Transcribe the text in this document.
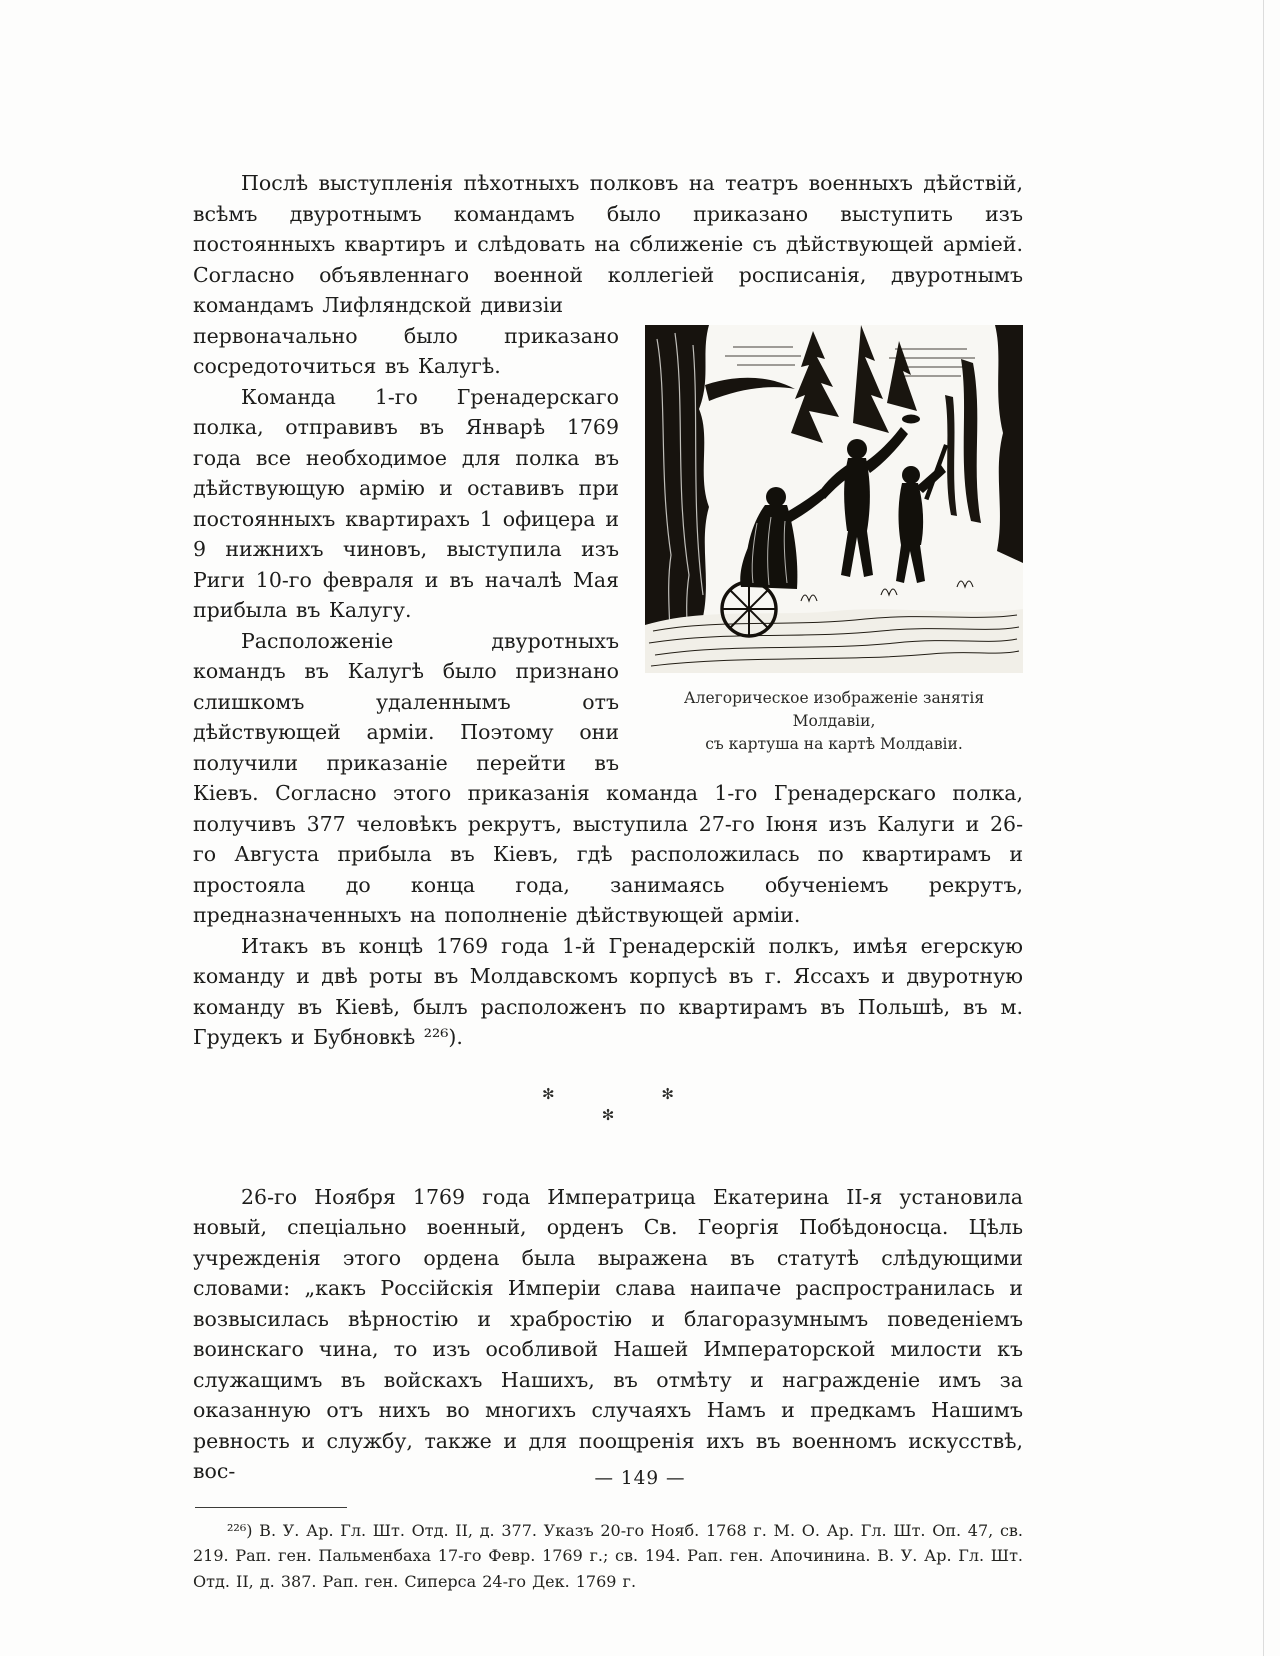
Послѣ выступленія пѣхотныхъ полковъ на театръ военныхъ дѣйствій, всѣмъ двуротнымъ командамъ было приказано выступить изъ постоянныхъ квартиръ и слѣдовать на сближеніе съ дѣйствующей арміей. Согласно объявленнаго военной коллегіей росписанія, двуротнымъ командамъ Лифляндской дивизіи

Алегорическое изображеніе занятія Молдавіи,
съ картуша на картѣ Молдавіи.

первоначально было приказано сосредоточиться въ Калугѣ.

Команда 1-го Гренадерскаго полка, отправивъ въ Январѣ 1769 года все необходимое для полка въ дѣйствующую армію и оставивъ при постоянныхъ квартирахъ 1 офицера и 9 нижнихъ чиновъ, выступила изъ Риги 10-го февраля и въ началѣ Мая прибыла въ Калугу.

Расположеніе двуротныхъ командъ въ Калугѣ было признано слишкомъ удаленнымъ отъ дѣйствующей арміи. Поэтому они получили приказаніе перейти въ Кіевъ. Согласно этого приказанія команда 1-го Гренадерскаго полка, получивъ 377 человѣкъ рекрутъ, выступила 27-го Іюня изъ Калуги и 26-го Августа прибыла въ Кіевъ, гдѣ расположилась по квартирамъ и простояла до конца года, занимаясь обученіемъ рекрутъ, предназначенныхъ на пополненіе дѣйствующей арміи.

Итакъ въ концѣ 1769 года 1-й Гренадерскій полкъ, имѣя егерскую команду и двѣ роты въ Молдавскомъ корпусѣ въ г. Яссахъ и двуротную команду въ Кіевѣ, былъ расположенъ по квартирамъ въ Польшѣ, въ м. Грудекъ и Бубновкѣ ²²⁶).

✻	✻
✻

26-го Ноября 1769 года Императрица Екатерина II-я установила новый, спеціально военный, орденъ Св. Георгія Побѣдоносца. Цѣль учрежденія этого ордена была выражена въ статутѣ слѣдующими словами: „какъ Россійскія Имперіи слава наипаче распространилась и возвысилась вѣрностію и храбростію и благоразумнымъ поведеніемъ воинскаго чина, то изъ особливой Нашей Императорской милости къ служащимъ въ войскахъ Нашихъ, въ отмѣту и награжденіе имъ за оказанную отъ нихъ во многихъ случаяхъ Намъ и предкамъ Нашимъ ревность и службу, также и для поощренія ихъ въ военномъ искусствѣ, вос-

²²⁶) В. У. Ар. Гл. Шт. Отд. II, д. 377. Указъ 20-го Нояб. 1768 г. М. О. Ар. Гл. Шт. Оп. 47, св. 219. Рап. ген. Пальменбаха 17-го Февр. 1769 г.; св. 194. Рап. ген. Апочинина. В. У. Ар. Гл. Шт. Отд. II, д. 387. Рап. ген. Сиперса 24-го Дек. 1769 г.

— 149 —
